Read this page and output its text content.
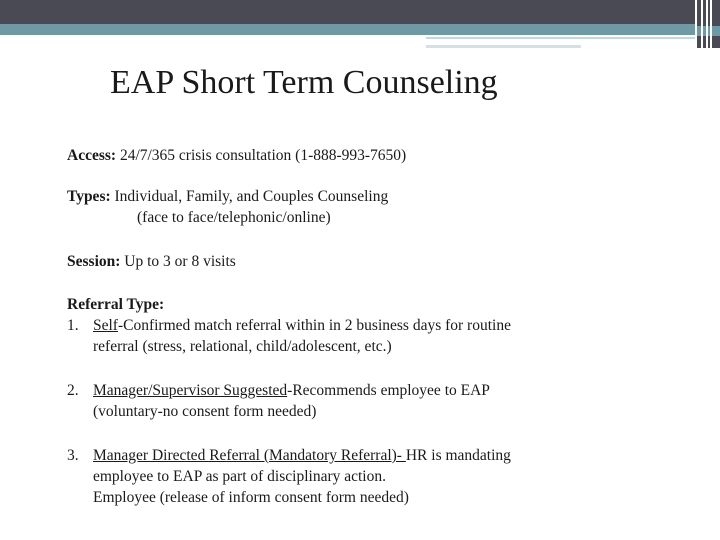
EAP Short Term Counseling
Access: 24/7/365 crisis consultation (1-888-993-7650)
Types: Individual, Family, and Couples Counseling
(face to face/telephonic/online)
Session: Up to 3 or 8 visits
Referral Type:
1. Self-Confirmed match referral within in 2 business days for routine
referral (stress, relational, child/adolescent, etc.)
2. Manager/Supervisor Suggested-Recommends employee to EAP
(voluntary-no consent form needed)
3. Manager Directed Referral (Mandatory Referral)- HR is mandating
employee to EAP as part of disciplinary action.
Employee (release of inform consent form needed)
